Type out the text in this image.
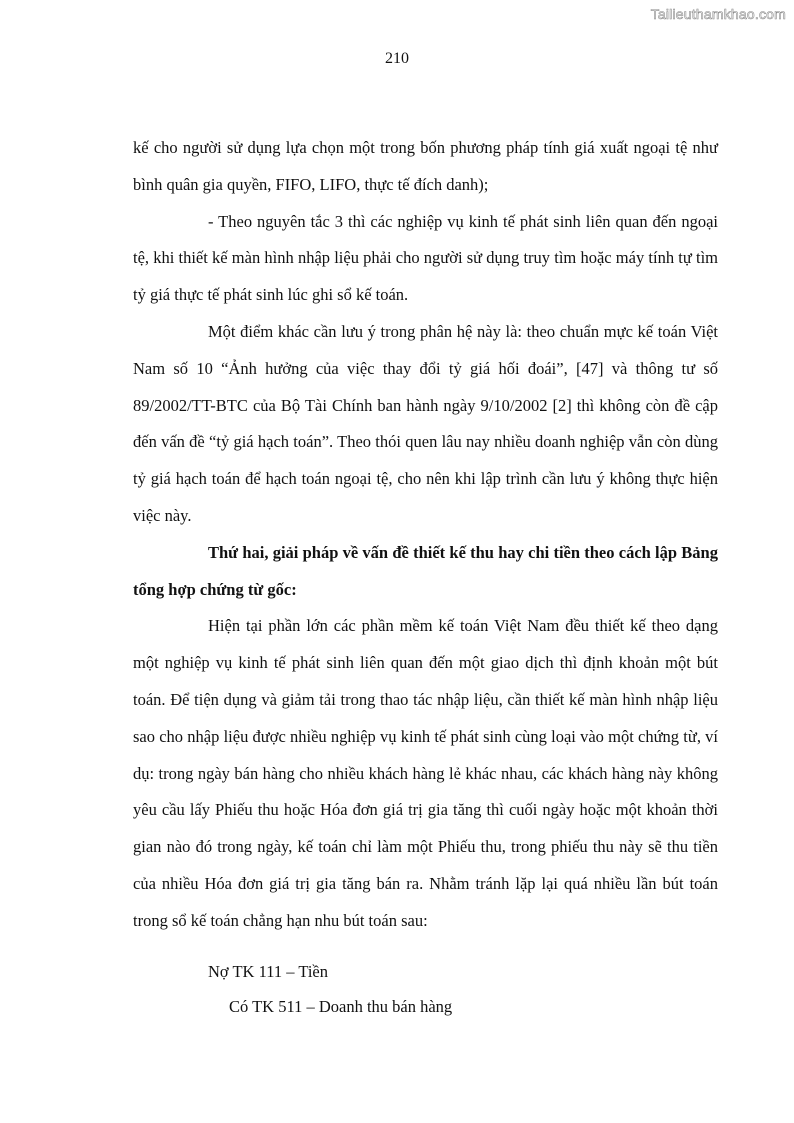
Tailieuthamkhao.com
210

kế cho người sử dụng lựa chọn một trong bốn phương pháp tính giá xuất ngoại tệ như bình quân gia quyền, FIFO, LIFO, thực tế đích danh);

- Theo nguyên tắc 3 thì các nghiệp vụ kinh tế phát sinh liên quan đến ngoại tệ, khi thiết kế màn hình nhập liệu phải cho người sử dụng truy tìm hoặc máy tính tự tìm tỷ giá thực tế phát sinh lúc ghi sổ kế toán.

Một điểm khác cần lưu ý trong phân hệ này là: theo chuẩn mực kế toán Việt Nam số 10 “Ảnh hưởng của việc thay đổi tỷ giá hối đoái”, [47] và thông tư số 89/2002/TT-BTC của Bộ Tài Chính ban hành ngày 9/10/2002 [2] thì không còn đề cập đến vấn đề “tỷ giá hạch toán”. Theo thói quen lâu nay nhiều doanh nghiệp vẫn còn dùng tỷ giá hạch toán để hạch toán ngoại tệ, cho nên khi lập trình cần lưu ý không thực hiện việc này.

Thứ hai, giải pháp về vấn đề thiết kế thu hay chi tiền theo cách lập Bảng tổng hợp chứng từ gốc:

Hiện tại phần lớn các phần mềm kế toán Việt Nam đều thiết kế theo dạng một nghiệp vụ kinh tế phát sinh liên quan đến một giao dịch thì định khoản một bút toán. Để tiện dụng và giảm tải trong thao tác nhập liệu, cần thiết kế màn hình nhập liệu sao cho nhập liệu được nhiều nghiệp vụ kinh tế phát sinh cùng loại vào một chứng từ, ví dụ: trong ngày bán hàng cho nhiều khách hàng lẻ khác nhau, các khách hàng này không yêu cầu lấy Phiếu thu hoặc Hóa đơn giá trị gia tăng thì cuối ngày hoặc một khoản thời gian nào đó trong ngày, kế toán chỉ làm một Phiếu thu, trong phiếu thu này sẽ thu tiền của nhiều Hóa đơn giá trị gia tăng bán ra. Nhằm tránh lặp lại quá nhiều lần bút toán trong sổ kế toán chẳng hạn nhu bút toán sau:

Nợ TK 111 – Tiền
Có TK 511 – Doanh thu bán hàng
